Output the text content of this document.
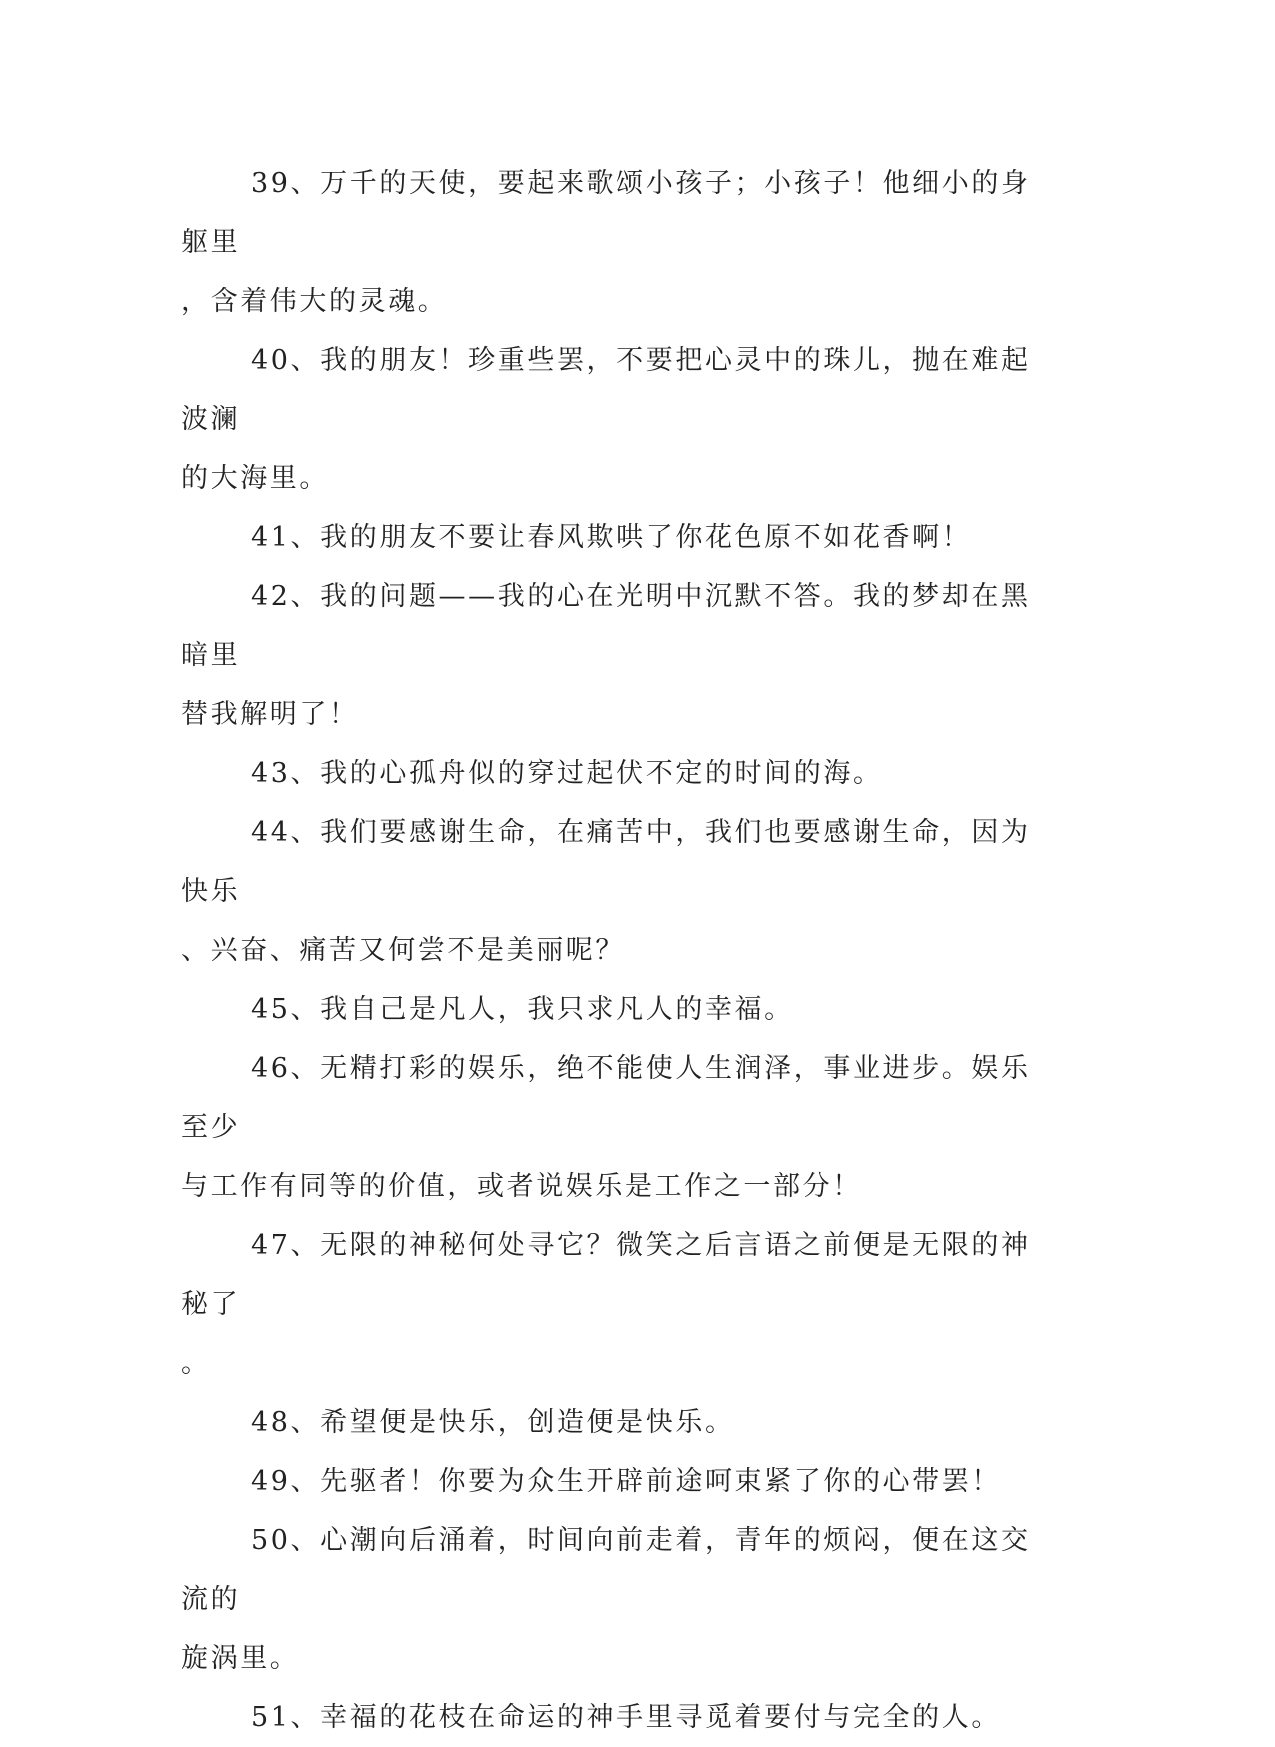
39、万千的天使，要起来歌颂小孩子；小孩子！他细小的身躯里
，含着伟大的灵魂。

40、我的朋友！珍重些罢，不要把心灵中的珠儿，抛在难起波澜
的大海里。

41、我的朋友不要让春风欺哄了你花色原不如花香啊！

42、我的问题——我的心在光明中沉默不答。我的梦却在黑暗里
替我解明了！

43、我的心孤舟似的穿过起伏不定的时间的海。

44、我们要感谢生命，在痛苦中，我们也要感谢生命，因为快乐
、兴奋、痛苦又何尝不是美丽呢？

45、我自己是凡人，我只求凡人的幸福。

46、无精打彩的娱乐，绝不能使人生润泽，事业进步。娱乐至少
与工作有同等的价值，或者说娱乐是工作之一部分！

47、无限的神秘何处寻它？微笑之后言语之前便是无限的神秘了
。

48、希望便是快乐，创造便是快乐。

49、先驱者！你要为众生开辟前途呵束紧了你的心带罢！

50、心潮向后涌着，时间向前走着，青年的烦闷，便在这交流的
旋涡里。

51、幸福的花枝在命运的神手里寻觅着要付与完全的人。
